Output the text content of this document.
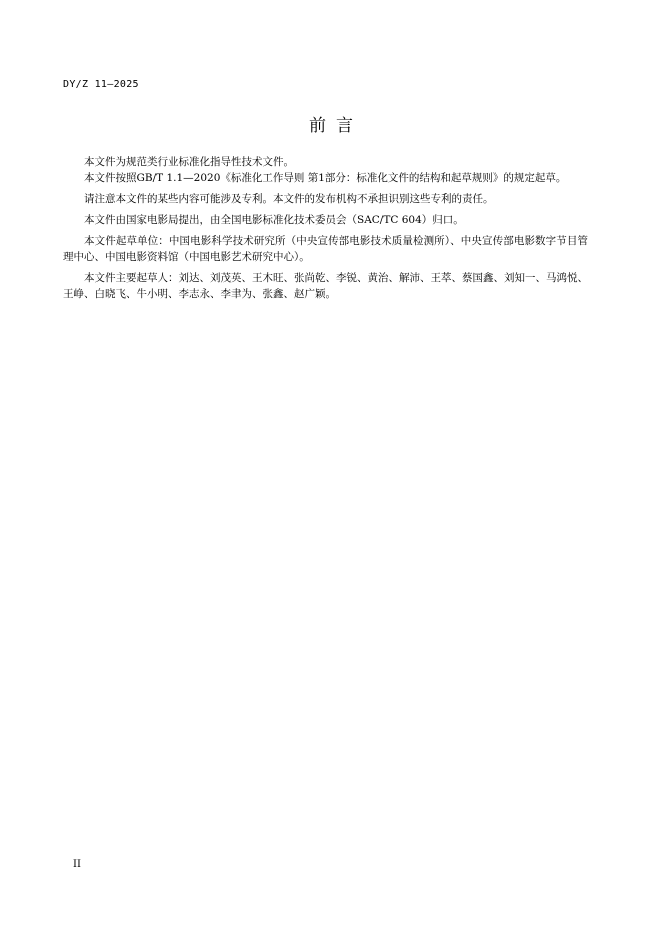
DY/Z 11—2025
前言

本文件为规范类行业标准化指导性技术文件。

本文件按照GB/T 1.1—2020《标准化工作导则 第1部分：标准化文件的结构和起草规则》的规定起草。

请注意本文件的某些内容可能涉及专利。本文件的发布机构不承担识别这些专利的责任。

本文件由国家电影局提出，由全国电影标准化技术委员会（SAC/TC 604）归口。

本文件起草单位：中国电影科学技术研究所（中央宣传部电影技术质量检测所）、中央宣传部电影数字节目管理中心、中国电影资料馆（中国电影艺术研究中心）。

本文件主要起草人：刘达、刘茂英、王木旺、张尚乾、李锐、黄治、解沛、王萃、蔡国鑫、刘知一、马鸿悦、王峥、白晓飞、牛小明、李志永、李聿为、张鑫、赵广颖。

II
